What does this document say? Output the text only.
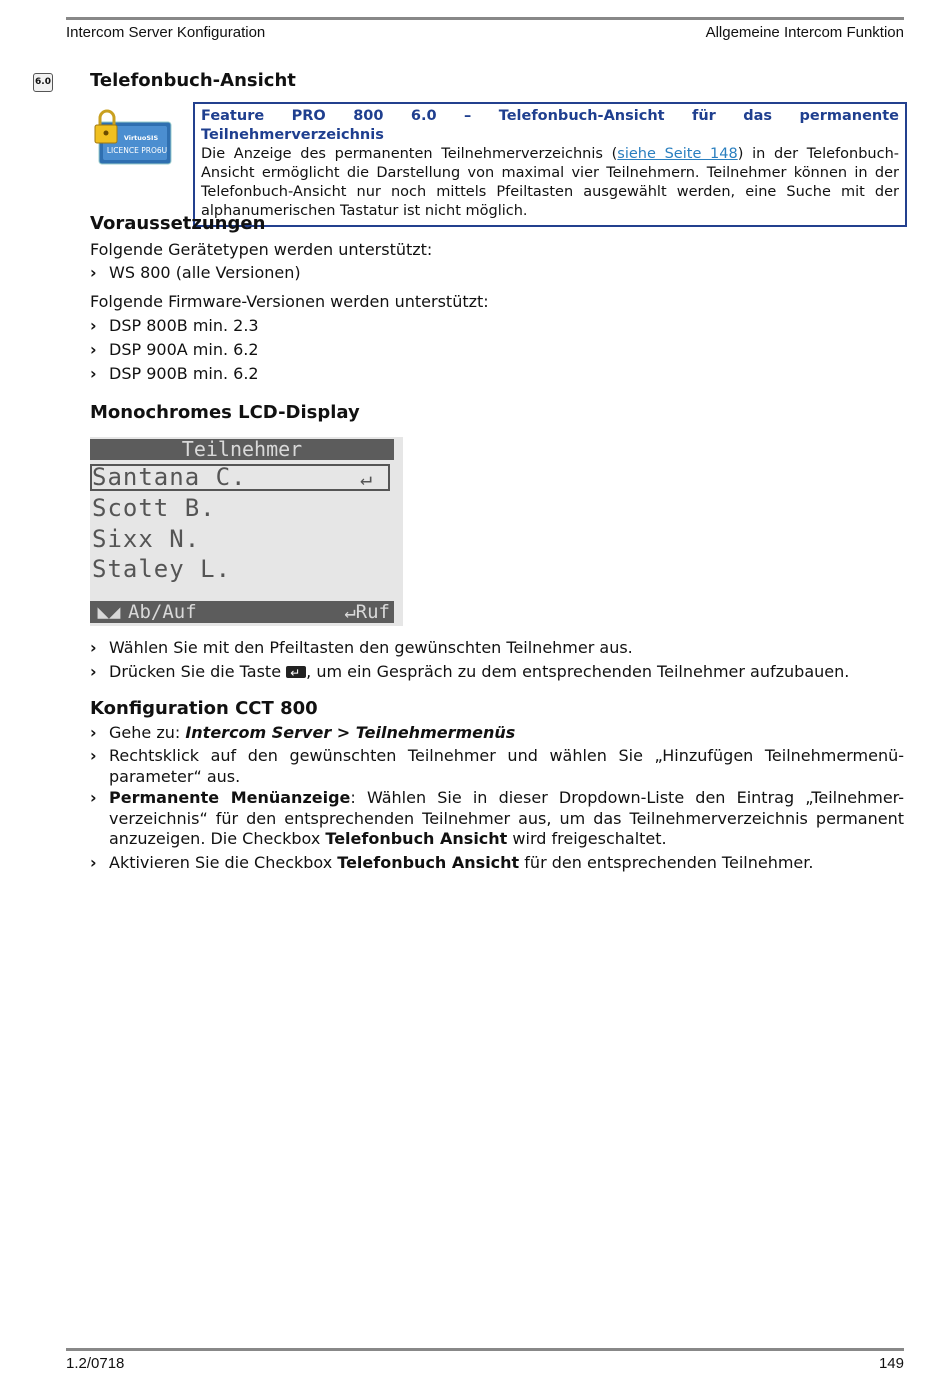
Intercom Server Konfiguration	Allgemeine Intercom Funktion
6.0 Telefonbuch-Ansicht
VirtuoSIS
LICENCE PRO6U
Feature PRO 800 6.0 – Telefonbuch-Ansicht für das permanente Teilnehmerverzeichnis
Die Anzeige des permanenten Teilnehmerverzeichnis (siehe Seite 148) in der Telefonbuch-Ansicht ermöglicht die Darstellung von maximal vier Teilnehmern. Teilnehmer können in der Telefonbuch-Ansicht nur noch mittels Pfeiltasten ausgewählt werden, eine Suche mit der alphanumerischen Tastatur ist nicht möglich.
Voraussetzungen

Folgende Gerätetypen werden unterstützt:

› WS 800 (alle Versionen)

Folgende Firmware-Versionen werden unterstützt:

› DSP 800B min. 2.3
› DSP 900A min. 6.2
› DSP 900B min. 6.2
Monochromes LCD-Display
Teilnehmer
Santana C.	↵
Scott B.
Sixx N.
Staley L.
◣◢ Ab/Auf	↵Ruf
› Wählen Sie mit den Pfeiltasten den gewünschten Teilnehmer aus.
› Drücken Sie die Taste ↵, um ein Gespräch zu dem entsprechenden Teilnehmer aufzubauen.
Konfiguration CCT 800
› Gehe zu: Intercom Server > Teilnehmermenüs
› Rechtsklick auf den gewünschten Teilnehmer und wählen Sie „Hinzufügen Teilnehmermenü-parameter“ aus.
› Permanente Menüanzeige: Wählen Sie in dieser Dropdown-Liste den Eintrag „Teilnehmer-verzeichnis“ für den entsprechenden Teilnehmer aus, um das Teilnehmerverzeichnis permanent anzuzeigen. Die Checkbox Telefonbuch Ansicht wird freigeschaltet.
› Aktivieren Sie die Checkbox Telefonbuch Ansicht für den entsprechenden Teilnehmer.
1.2/0718	149
